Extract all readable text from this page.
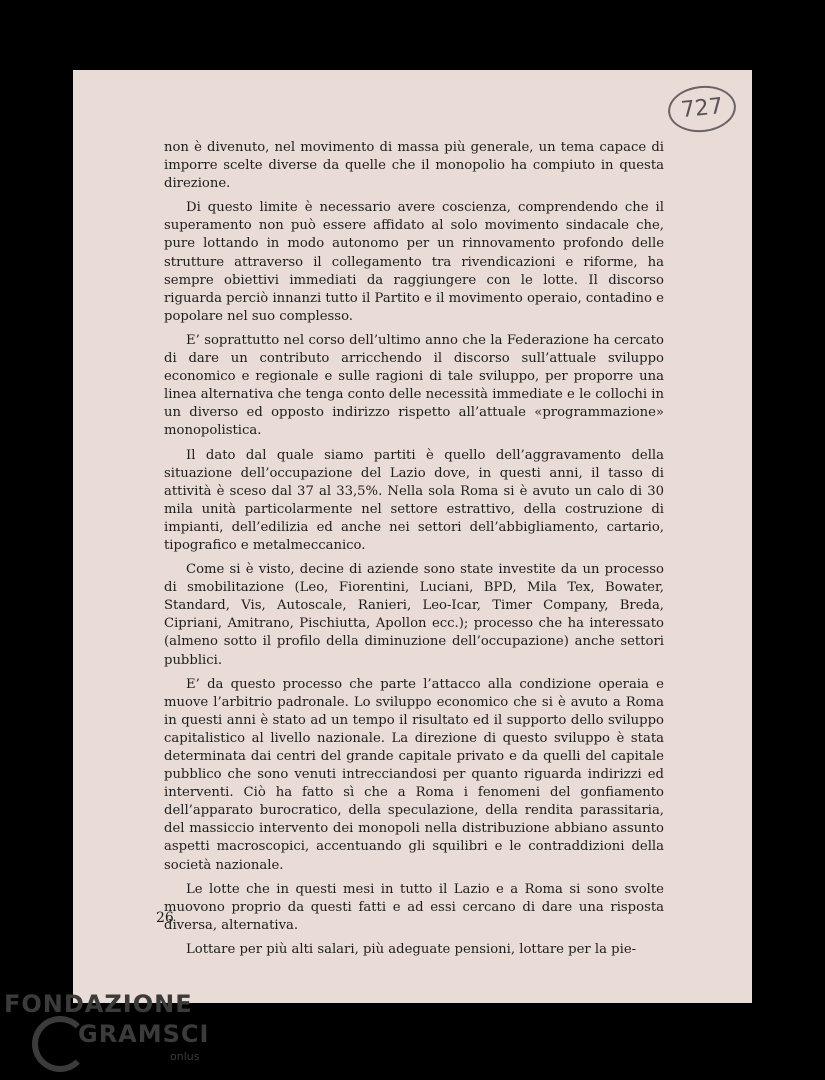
727

non è divenuto, nel movimento di massa più generale, un tema capace di imporre scelte diverse da quelle che il monopolio ha compiuto in questa direzione.

Di questo limite è necessario avere coscienza, comprendendo che il superamento non può essere affidato al solo movimento sindacale che, pure lottando in modo autonomo per un rinnovamento profondo delle strutture attraverso il collegamento tra rivendicazioni e riforme, ha sempre obiettivi immediati da raggiungere con le lotte. Il discorso riguarda perciò innanzi tutto il Partito e il movimento operaio, contadino e popolare nel suo complesso.

E’ soprattutto nel corso dell’ultimo anno che la Federazione ha cercato di dare un contributo arricchendo il discorso sull’attuale sviluppo economico e regionale e sulle ragioni di tale sviluppo, per proporre una linea alternativa che tenga conto delle necessità immediate e le collochi in un diverso ed opposto indirizzo rispetto all’attuale «programmazione» monopolistica.

Il dato dal quale siamo partiti è quello dell’aggravamento della situazione dell’occupazione del Lazio dove, in questi anni, il tasso di attività è sceso dal 37 al 33,5%. Nella sola Roma si è avuto un calo di 30 mila unità particolarmente nel settore estrattivo, della costruzione di impianti, dell’edilizia ed anche nei settori dell’abbigliamento, cartario, tipografico e metalmeccanico.

Come si è visto, decine di aziende sono state investite da un processo di smobilitazione (Leo, Fiorentini, Luciani, BPD, Mila Tex, Bowater, Standard, Vis, Autoscale, Ranieri, Leo-Icar, Timer Company, Breda, Cipriani, Amitrano, Pischiutta, Apollon ecc.); processo che ha interessato (almeno sotto il profilo della diminuzione dell’occupazione) anche settori pubblici.

E’ da questo processo che parte l’attacco alla condizione operaia e muove l’arbitrio padronale. Lo sviluppo economico che si è avuto a Roma in questi anni è stato ad un tempo il risultato ed il supporto dello sviluppo capitalistico al livello nazionale. La direzione di questo sviluppo è stata determinata dai centri del grande capitale privato e da quelli del capitale pubblico che sono venuti intrecciandosi per quanto riguarda indirizzi ed interventi. Ciò ha fatto sì che a Roma i fenomeni del gonfiamento dell’apparato burocratico, della speculazione, della rendita parassitaria, del massiccio intervento dei monopoli nella distribuzione abbiano assunto aspetti macroscopici, accentuando gli squilibri e le contraddizioni della società nazionale.

Le lotte che in questi mesi in tutto il Lazio e a Roma si sono svolte muovono proprio da questi fatti e ad essi cercano di dare una risposta diversa, alternativa.

Lottare per più alti salari, più adeguate pensioni, lottare per la pie-

26
FONDAZIONE
GRAMSCI
onlus
